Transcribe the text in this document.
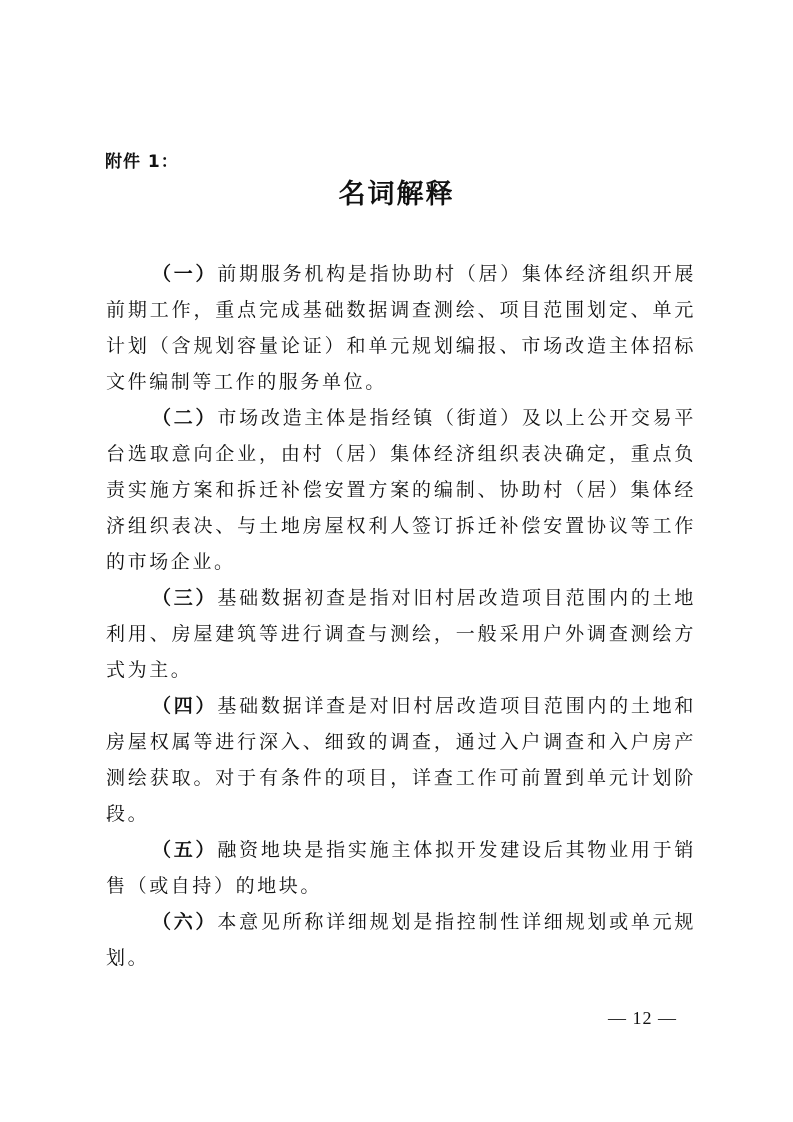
附件 1：
名词解释

（一）前期服务机构是指协助村（居）集体经济组织开展前期工作，重点完成基础数据调查测绘、项目范围划定、单元计划（含规划容量论证）和单元规划编报、市场改造主体招标文件编制等工作的服务单位。

（二）市场改造主体是指经镇（街道）及以上公开交易平台选取意向企业，由村（居）集体经济组织表决确定，重点负责实施方案和拆迁补偿安置方案的编制、协助村（居）集体经济组织表决、与土地房屋权利人签订拆迁补偿安置协议等工作的市场企业。

（三）基础数据初查是指对旧村居改造项目范围内的土地利用、房屋建筑等进行调查与测绘，一般采用户外调查测绘方式为主。

（四）基础数据详查是对旧村居改造项目范围内的土地和房屋权属等进行深入、细致的调查，通过入户调查和入户房产测绘获取。对于有条件的项目，详查工作可前置到单元计划阶段。

（五）融资地块是指实施主体拟开发建设后其物业用于销售（或自持）的地块。

（六）本意见所称详细规划是指控制性详细规划或单元规划。

— 12 —
